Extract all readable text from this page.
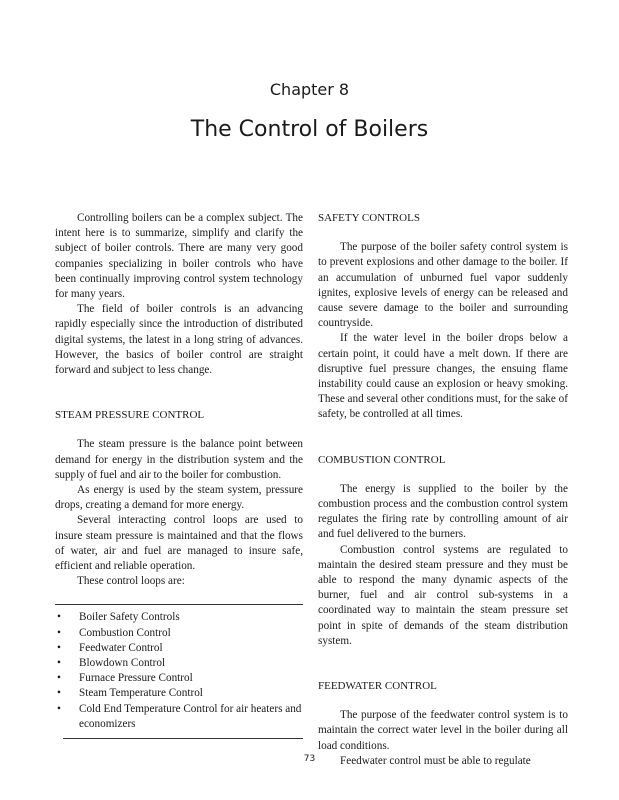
Chapter 8
The Control of Boilers

Controlling boilers can be a complex subject. The intent here is to summarize, simplify and clarify the subject of boiler controls. There are many very good companies specializing in boiler controls who have been continually improving control system technology for many years.

The field of boiler controls is an advancing rapidly especially since the introduction of distributed digital systems, the latest in a long string of advances. However, the basics of boiler control are straight forward and subject to less change.

STEAM PRESSURE CONTROL

The steam pressure is the balance point between demand for energy in the distribution system and the supply of fuel and air to the boiler for combustion.

As energy is used by the steam system, pressure drops, creating a demand for more energy.

Several interacting control loops are used to insure steam pressure is maintained and that the flows of water, air and fuel are managed to insure safe, efficient and reliable operation.

These control loops are:

• Boiler Safety Controls
• Combustion Control
• Feedwater Control
• Blowdown Control
• Furnace Pressure Control
• Steam Temperature Control
• Cold End Temperature Control for air heaters and economizers
SAFETY CONTROLS

The purpose of the boiler safety control system is to prevent explosions and other damage to the boiler. If an accumulation of unburned fuel vapor suddenly ignites, explosive levels of energy can be released and cause severe damage to the boiler and surrounding countryside.

If the water level in the boiler drops below a certain point, it could have a melt down. If there are disruptive fuel pressure changes, the ensuing flame instability could cause an explosion or heavy smoking. These and several other conditions must, for the sake of safety, be controlled at all times.

COMBUSTION CONTROL

The energy is supplied to the boiler by the combustion process and the combustion control system regulates the firing rate by controlling amount of air and fuel delivered to the burners.

Combustion control systems are regulated to maintain the desired steam pressure and they must be able to respond the many dynamic aspects of the burner, fuel and air control sub-systems in a coordinated way to maintain the steam pressure set point in spite of demands of the steam distribution system.

FEEDWATER CONTROL

The purpose of the feedwater control system is to maintain the correct water level in the boiler during all load conditions.

Feedwater control must be able to regulate

73
